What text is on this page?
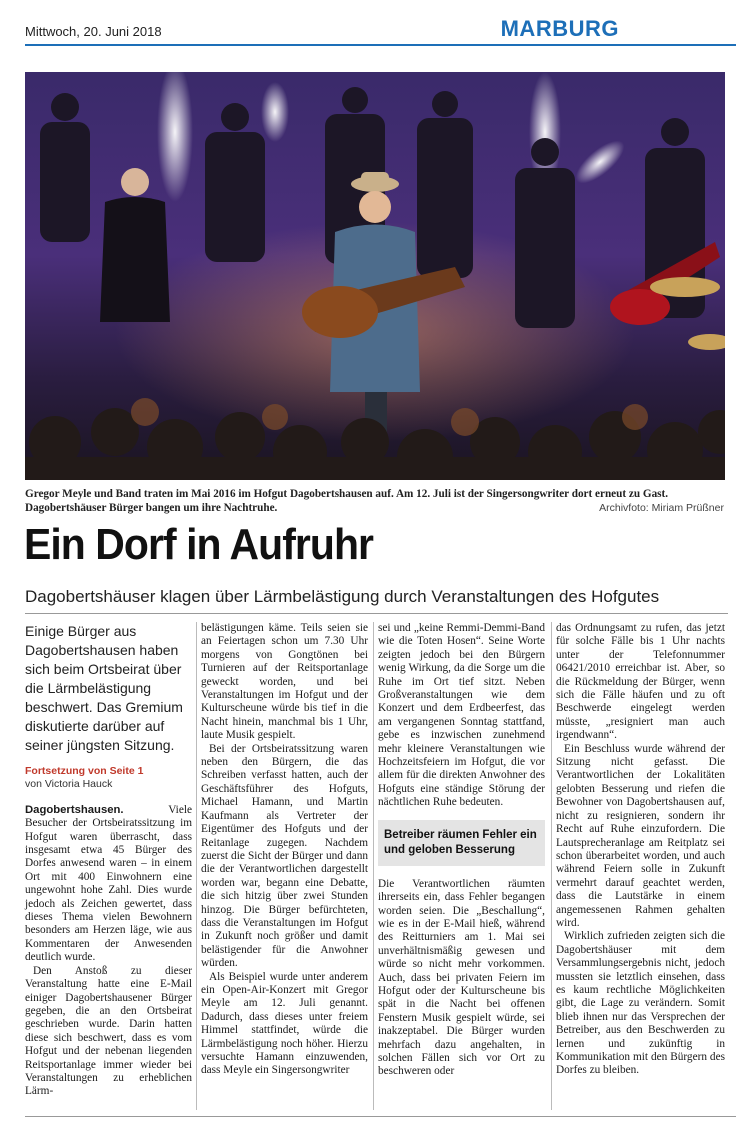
Mittwoch, 20. Juni 2018	MARBURG
Gregor Meyle und Band traten im Mai 2016 im Hofgut Dagobertshausen auf. Am 12. Juli ist der Singersongwriter dort erneut zu Gast. Dagobertshäuser Bürger bangen um ihre Nachtruhe.	Archivfoto: Miriam Prüßner
Ein Dorf in Aufruhr
Dagobertshäuser klagen über Lärmbelästigung durch Veranstaltungen des Hofgutes
Einige Bürger aus Dagobertshausen haben sich beim Ortsbeirat über die Lärmbelästigung beschwert. Das Gremium diskutierte darüber auf seiner jüngsten Sitzung.
Fortsetzung von Seite 1
von Victoria Hauck

Dagobertshausen.	Viele Besucher der Ortsbeiratssitzung im Hofgut waren überrascht, dass insgesamt etwa 45 Bürger des Dorfes anwesend waren – in einem Ort mit 400 Einwohnern eine ungewohnt hohe Zahl. Dies wurde jedoch als Zeichen gewertet, dass dieses Thema vielen Bewohnern besonders am Herzen läge, wie aus Kommentaren der Anwesenden deutlich wurde.

Den Anstoß zu dieser Veranstaltung hatte eine E-Mail einiger Dagobertshausener Bürger gegeben, die an den Ortsbeirat geschrieben wurde. Darin hatten diese sich beschwert, dass es vom Hofgut und der nebenan liegenden Reitsportanlage immer wieder bei Veranstaltungen zu erheblichen Lärm-

belästigungen käme. Teils seien sie an Feiertagen schon um 7.30 Uhr morgens von Gongtönen bei Turnieren auf der Reitsportanlage geweckt worden, und bei Veranstaltungen im Hofgut und der Kulturscheune würde bis tief in die Nacht hinein, manchmal bis 1 Uhr, laute Musik gespielt.

Bei der Ortsbeiratssitzung waren neben den Bürgern, die das Schreiben verfasst hatten, auch der Geschäftsführer des Hofguts, Michael Hamann, und Martin Kaufmann als Vertreter der Eigentümer des Hofguts und der Reitanlage zugegen. Nachdem zuerst die Sicht der Bürger und dann die der Verantwortlichen dargestellt worden war, begann eine Debatte, die sich hitzig über zwei Stunden hinzog. Die Bürger befürchteten, dass die Veranstaltungen im Hofgut in Zukunft noch größer und damit belästigender für die Anwohner würden.

Als Beispiel wurde unter anderem ein Open-Air-Konzert mit Gregor Meyle am 12. Juli genannt. Dadurch, dass dieses unter freiem Himmel stattfindet, würde die Lärmbelästigung noch höher. Hierzu versuchte Hamann einzuwenden, dass Meyle ein Singersongwriter

sei und „keine Remmi-Demmi-Band wie die Toten Hosen“. Seine Worte zeigten jedoch bei den Bürgern wenig Wirkung, da die Sorge um die Ruhe im Ort tief sitzt. Neben Großveranstaltungen wie dem Konzert und dem Erdbeerfest, das am vergangenen Sonntag stattfand, gebe es inzwischen zunehmend mehr kleinere Veranstaltungen wie Hochzeitsfeiern im Hofgut, die vor allem für die direkten Anwohner des Hofguts eine ständige Störung der nächtlichen Ruhe bedeuten.

Betreiber räumen Fehler ein und geloben Besserung

Die Verantwortlichen räumten ihrerseits ein, dass Fehler begangen worden seien. Die „Beschallung“, wie es in der E-Mail hieß, während des Reitturniers am 1. Mai sei unverhältnismäßig gewesen und würde so nicht mehr vorkommen. Auch, dass bei privaten Feiern im Hofgut oder der Kulturscheune bis spät in die Nacht bei offenen Fenstern Musik gespielt würde, sei inakzeptabel. Die Bürger wurden mehrfach dazu angehalten, in solchen Fällen sich vor Ort zu beschweren oder

das Ordnungsamt zu rufen, das jetzt für solche Fälle bis 1 Uhr nachts unter der Telefonnummer 06421/2010 erreichbar ist. Aber, so die Rückmeldung der Bürger, wenn sich die Fälle häufen und zu oft Beschwerde eingelegt werden müsste, „resigniert man auch irgendwann“.

Ein Beschluss wurde während der Sitzung nicht gefasst. Die Verantwortlichen der Lokalitäten gelobten Besserung und riefen die Bewohner von Dagobertshausen auf, nicht zu resignieren, sondern ihr Recht auf Ruhe einzufordern. Die Lautsprecheranlage am Reitplatz sei schon überarbeitet worden, und auch während Feiern solle in Zukunft vermehrt darauf geachtet werden, dass die Lautstärke in einem angemessenen Rahmen gehalten wird.

Wirklich zufrieden zeigten sich die Dagobertshäuser mit dem Versammlungsergebnis nicht, jedoch mussten sie letztlich einsehen, dass es kaum rechtliche Möglichkeiten gibt, die Lage zu verändern. Somit blieb ihnen nur das Versprechen der Betreiber, aus den Beschwerden zu lernen und zukünftig in Kommunikation mit den Bürgern des Dorfes zu bleiben.
